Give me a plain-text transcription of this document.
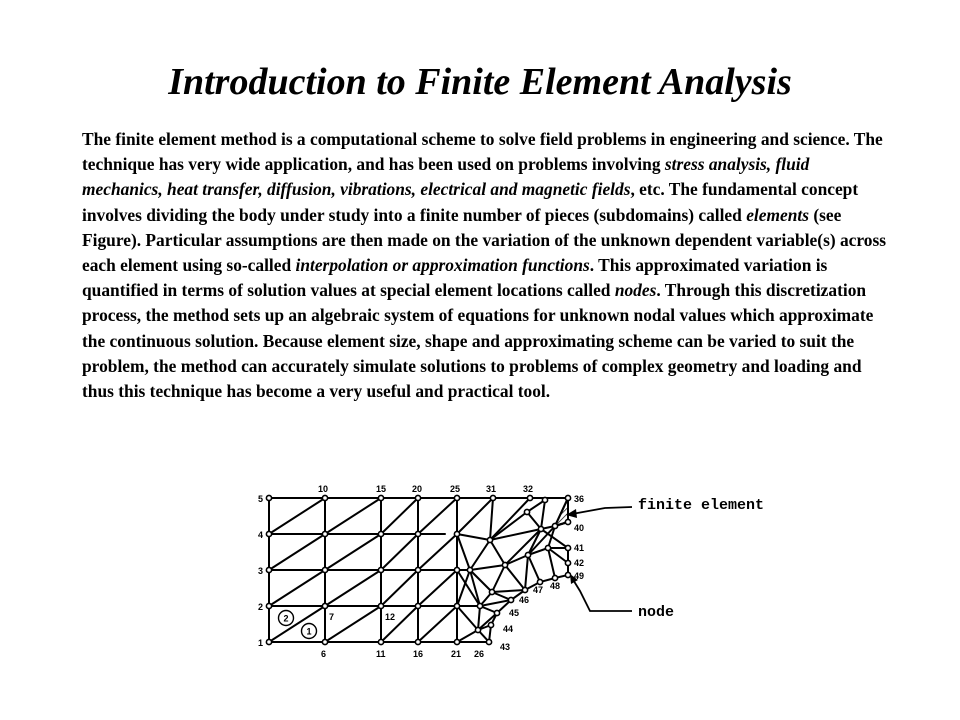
Introduction to Finite Element Analysis

The finite element method is a computational scheme to solve field problems in engineering and science. The technique has very wide application, and has been used on problems involving stress analysis, fluid mechanics, heat transfer, diffusion, vibrations, electrical and magnetic fields, etc. The fundamental concept involves dividing the body under study into a finite number of pieces (subdomains) called elements (see Figure). Particular assumptions are then made on the variation of the unknown dependent variable(s) across each element using so-called interpolation or approximation functions. This approximated variation is quantified in terms of solution values at special element locations called nodes. Through this discretization process, the method sets up an algebraic system of equations for unknown nodal values which approximate the continuous solution. Because element size, shape and approximating scheme can be varied to suit the problem, the method can accurately simulate solutions to problems of complex geometry and loading and thus this technique has become a very useful and practical tool.

2
1
5
4
3
2
1
10	15	20	25	31	32
36
40
41
42
49
48
47
46
45
44
43
7	12
6	11	16	21 26
finite element
node
